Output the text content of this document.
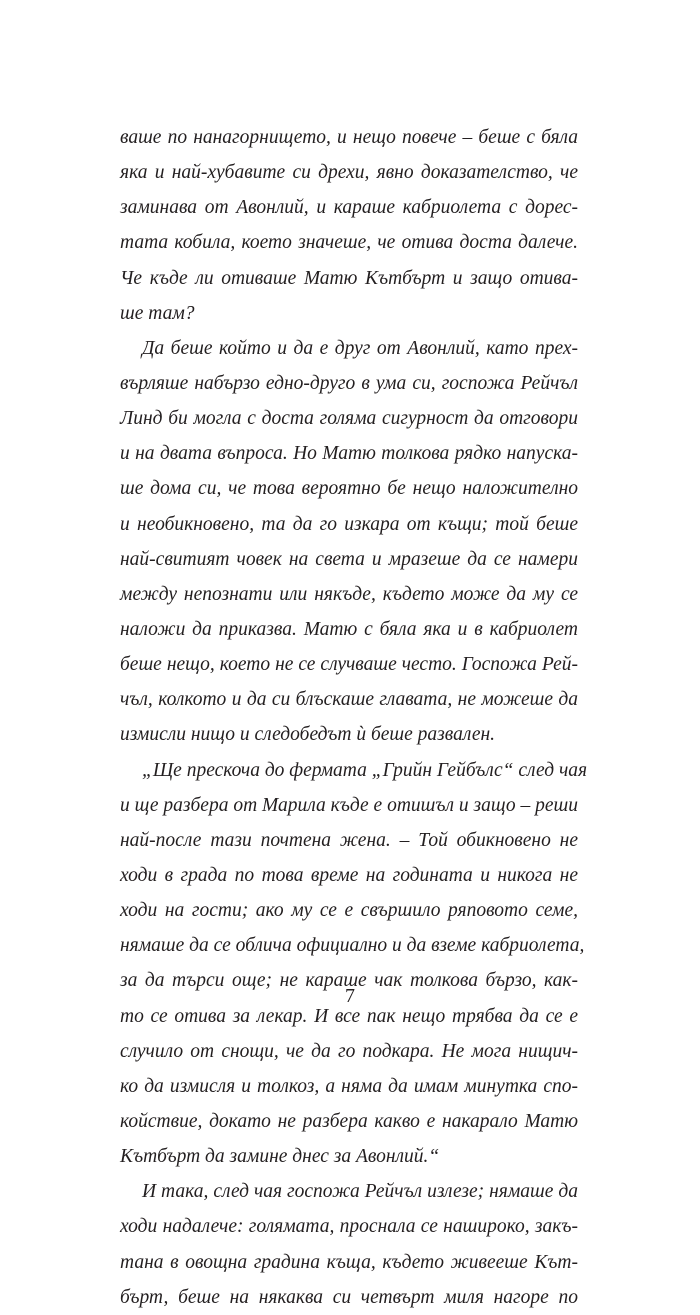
ваше по нанагорнището, и нещо повече – беше с бяла
яка и най-хубавите си дрехи, явно доказателство, че
заминава от Авонлий, и караше кабриолета с дорес-
тата кобила, което значеше, че отива доста далече.
Че къде ли отиваше Матю Кътбърт и защо отива-
ше там?
Да беше който и да е друг от Авонлий, като прех-
върляше набързо едно-друго в ума си, госпожа Рейчъл
Линд би могла с доста голяма сигурност да отговори
и на двата въпроса. Но Матю толкова рядко напуска-
ше дома си, че това вероятно бе нещо наложително
и необикновено, та да го изкара от къщи; той беше
най-свитият човек на света и мразеше да се намери
между непознати или някъде, където може да му се
наложи да приказва. Матю с бяла яка и в кабриолет
беше нещо, което не се случваше често. Госпожа Рей-
чъл, колкото и да си блъскаше главата, не можеше да
измисли нищо и следобедът ѝ беше развален.
„Ще прескоча до фермата „Грийн Гейбълс“ след чая
и ще разбера от Марила къде е отишъл и защо – реши
най-после тази почтена жена. – Той обикновено не
ходи в града по това време на годината и никога не
ходи на гости; ако му се е свършило ряповото семе,
нямаше да се облича официално и да вземе кабриолета,
за да търси още; не караше чак толкова бързо, как-
то се отива за лекар. И все пак нещо трябва да се е
случило от снощи, че да го подкара. Не мога нищич-
ко да измисля и толкоз, а няма да имам минутка спо-
койствие, докато не разбера какво е накарало Матю
Кътбърт да замине днес за Авонлий.“
И така, след чая госпожа Рейчъл излезе; нямаше да
ходи надалече: голямата, проснала се нашироко, закъ-
тана в овощна градина къща, където живееше Кът-
бърт, беше на някаква си четвърт миля нагоре по
7
